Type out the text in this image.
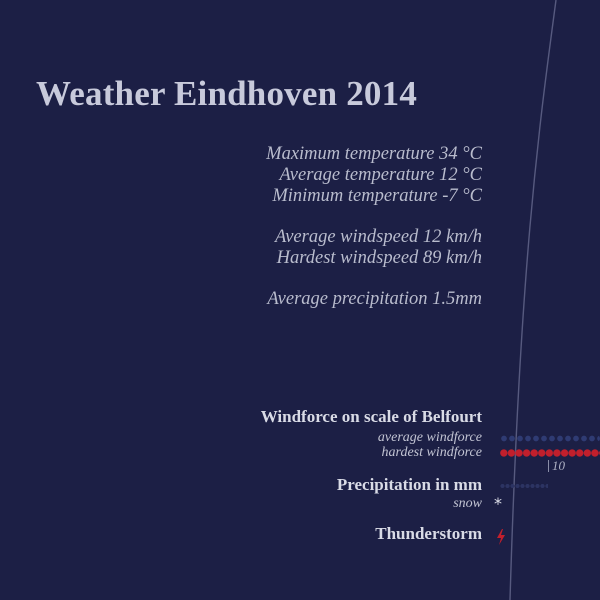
Weather Eindhoven 2014
Maximum temperature 34 °C
Average temperature 12 °C
Minimum temperature -7 °C
Average windspeed 12 km/h
Hardest windspeed 89 km/h
Average precipitation 1.5mm
Windforce on scale of Belfourt
average windforce
hardest windforce
10
Precipitation in mm
snow *
Thunderstorm
